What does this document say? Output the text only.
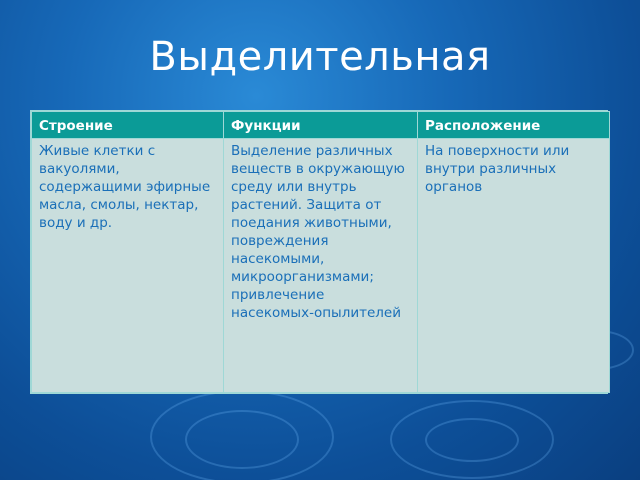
Выделительная
Строение	Функции	Расположение
Живые клетки с вакуолями, содержащими эфирные масла, смолы, нектар, воду и др.	Выделение различных веществ в окружающую среду или внутрь растений. Защита от поедания животными, повреждения насекомыми, микроорганизмами; привлечение насекомых-опылителей	На поверхности или внутри различных органов
